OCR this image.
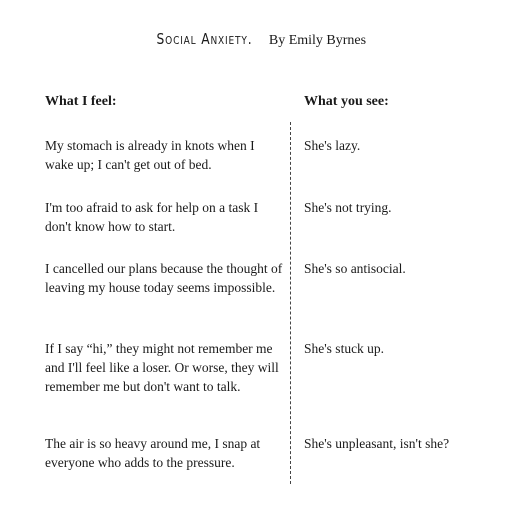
Social Anxiety. By Emily Byrnes
What I feel:	What you see:
My stomach is already in knots when I wake up; I can't get out of bed.
She's lazy.
I'm too afraid to ask for help on a task I don't know how to start.
She's not trying.
I cancelled our plans because the thought of leaving my house today seems impossible.
She's so antisocial.
If I say “hi,” they might not remember me and I'll feel like a loser. Or worse, they will remember me but don't want to talk.
She's stuck up.
The air is so heavy around me, I snap at everyone who adds to the pressure.
She's unpleasant, isn't she?
